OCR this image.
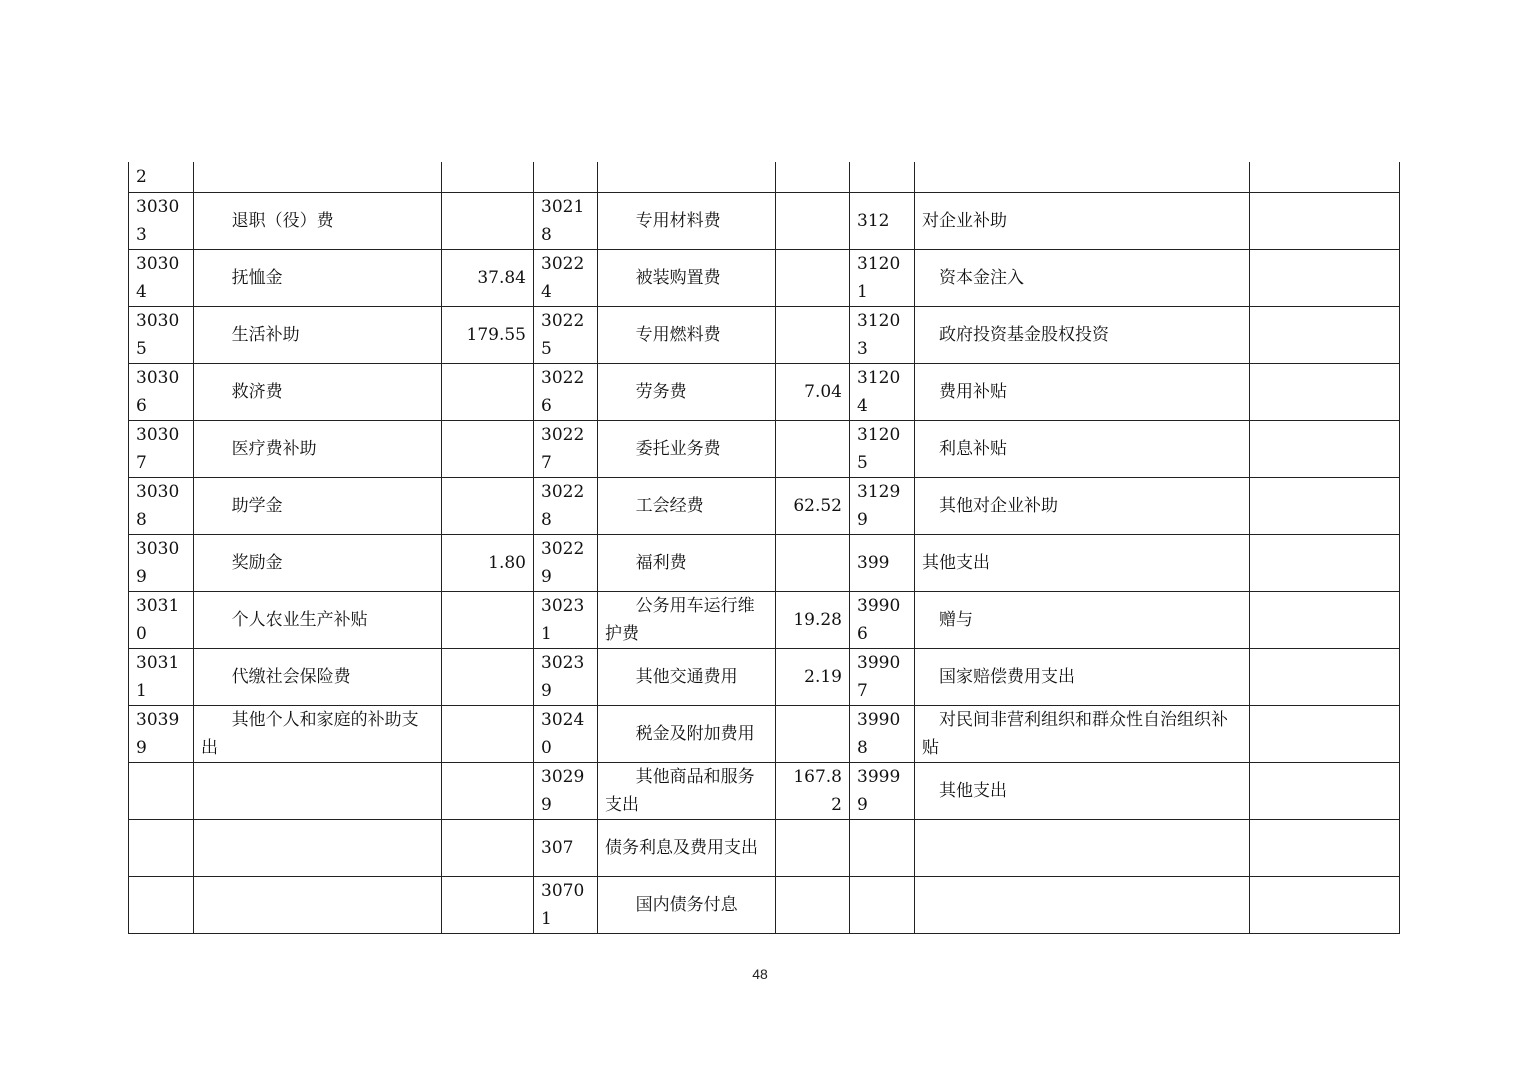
2								
30303	退职（役）费		30218	专用材料费		312	对企业补助	
30304	抚恤金	37.84	30224	被装购置费		31201	资本金注入	
30305	生活补助	179.55	30225	专用燃料费		31203	政府投资基金股权投资	
30306	救济费		30226	劳务费	7.04	31204	费用补贴	
30307	医疗费补助		30227	委托业务费		31205	利息补贴	
30308	助学金		30228	工会经费	62.52	31299	其他对企业补助	
30309	奖励金	1.80	30229	福利费		399	其他支出	
30310	个人农业生产补贴		30231	公务用车运行维护费	19.28	39906	赠与	
30311	代缴社会保险费		30239	其他交通费用	2.19	39907	国家赔偿费用支出	
30399	其他个人和家庭的补助支出		30240	税金及附加费用		39908	对民间非营利组织和群众性自治组织补贴	
			30299	其他商品和服务支出	167.82	39999	其他支出	
			307	债务利息及费用支出				
			30701	国内债务付息				
48
